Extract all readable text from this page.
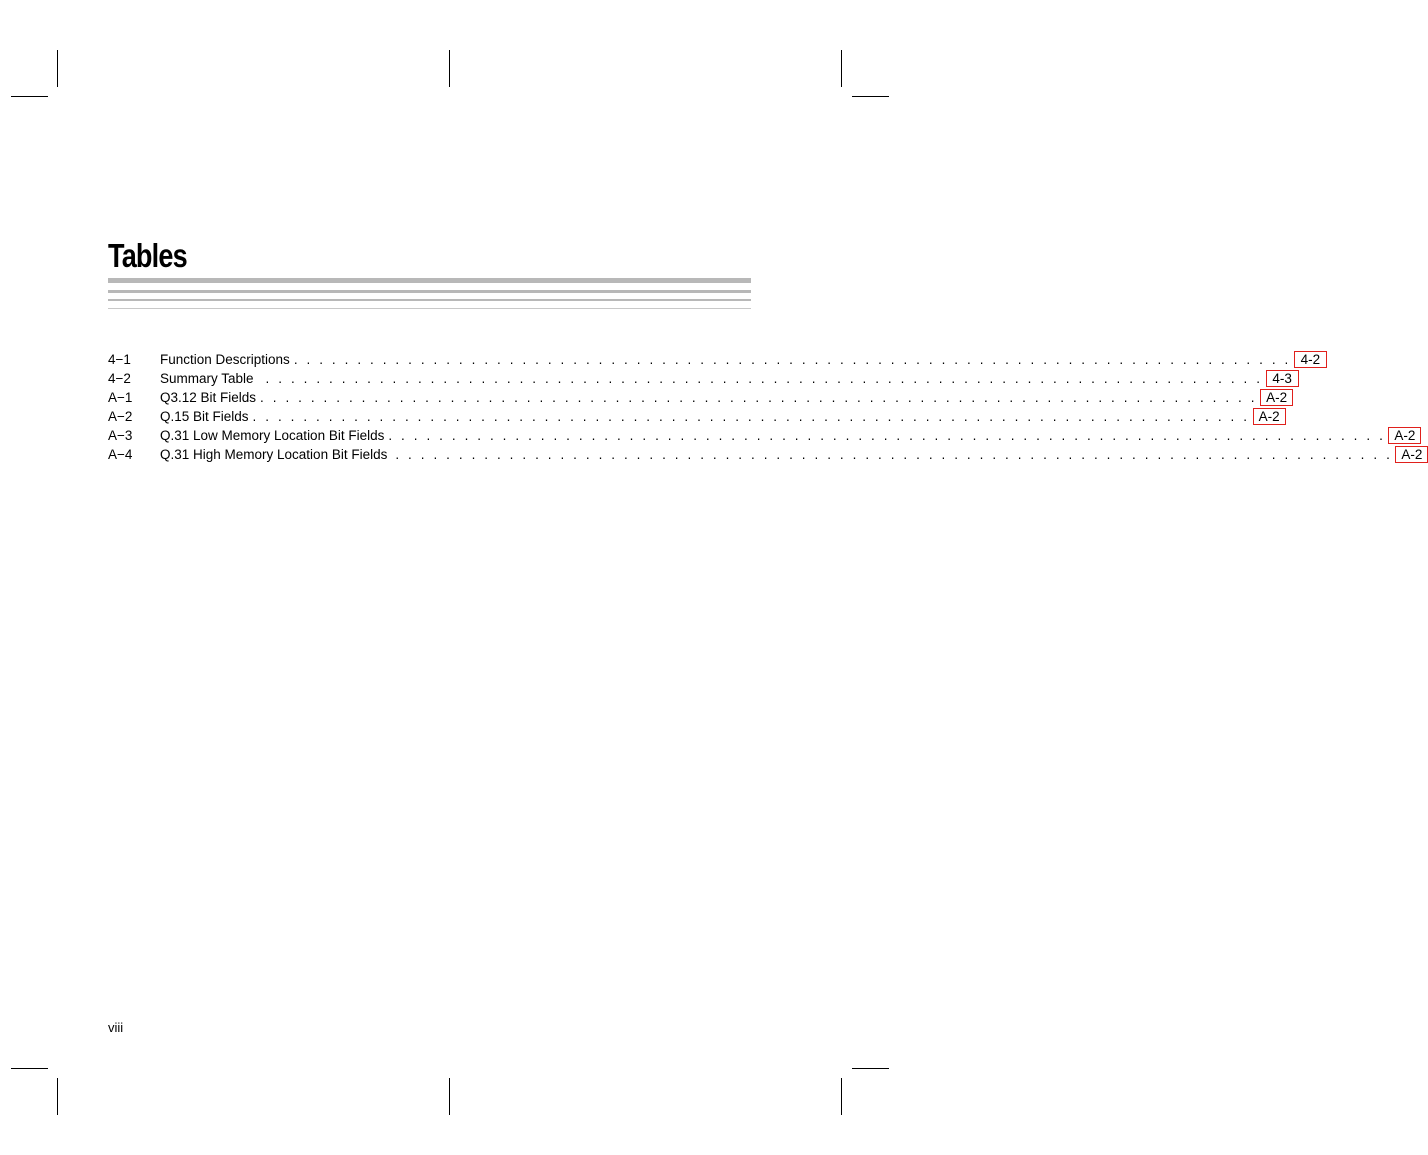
Tables
4−1	Function Descriptions . . . . . . . . . . . . . . . . . . . . . . . . . . . . . . . . . . . . . . . . . . . . . . . . . . . . . . . . . . . . . . . . . . . . . . . . . . . . . . . 4-2
4−2	Summary Table . . . . . . . . . . . . . . . . . . . . . . . . . . . . . . . . . . . . . . . . . . . . . . . . . . . . . . . . . . . . . . . . . . . . . . . . . . . . . . . 4-3
A−1	Q3.12 Bit Fields . . . . . . . . . . . . . . . . . . . . . . . . . . . . . . . . . . . . . . . . . . . . . . . . . . . . . . . . . . . . . . . . . . . . . . . . . . . . . . . A-2
A−2	Q.15 Bit Fields . . . . . . . . . . . . . . . . . . . . . . . . . . . . . . . . . . . . . . . . . . . . . . . . . . . . . . . . . . . . . . . . . . . . . . . . . . . . . . . A-2
A−3	Q.31 Low Memory Location Bit Fields . . . . . . . . . . . . . . . . . . . . . . . . . . . . . . . . . . . . . . . . . . . . . . . . . . . . . . . . . . . . . . . . . . . . . . . . . . . . . . . A-2
A−4	Q.31 High Memory Location Bit Fields . . . . . . . . . . . . . . . . . . . . . . . . . . . . . . . . . . . . . . . . . . . . . . . . . . . . . . . . . . . . . . . . . . . . . . . . . . . . . . . A-2
viii
